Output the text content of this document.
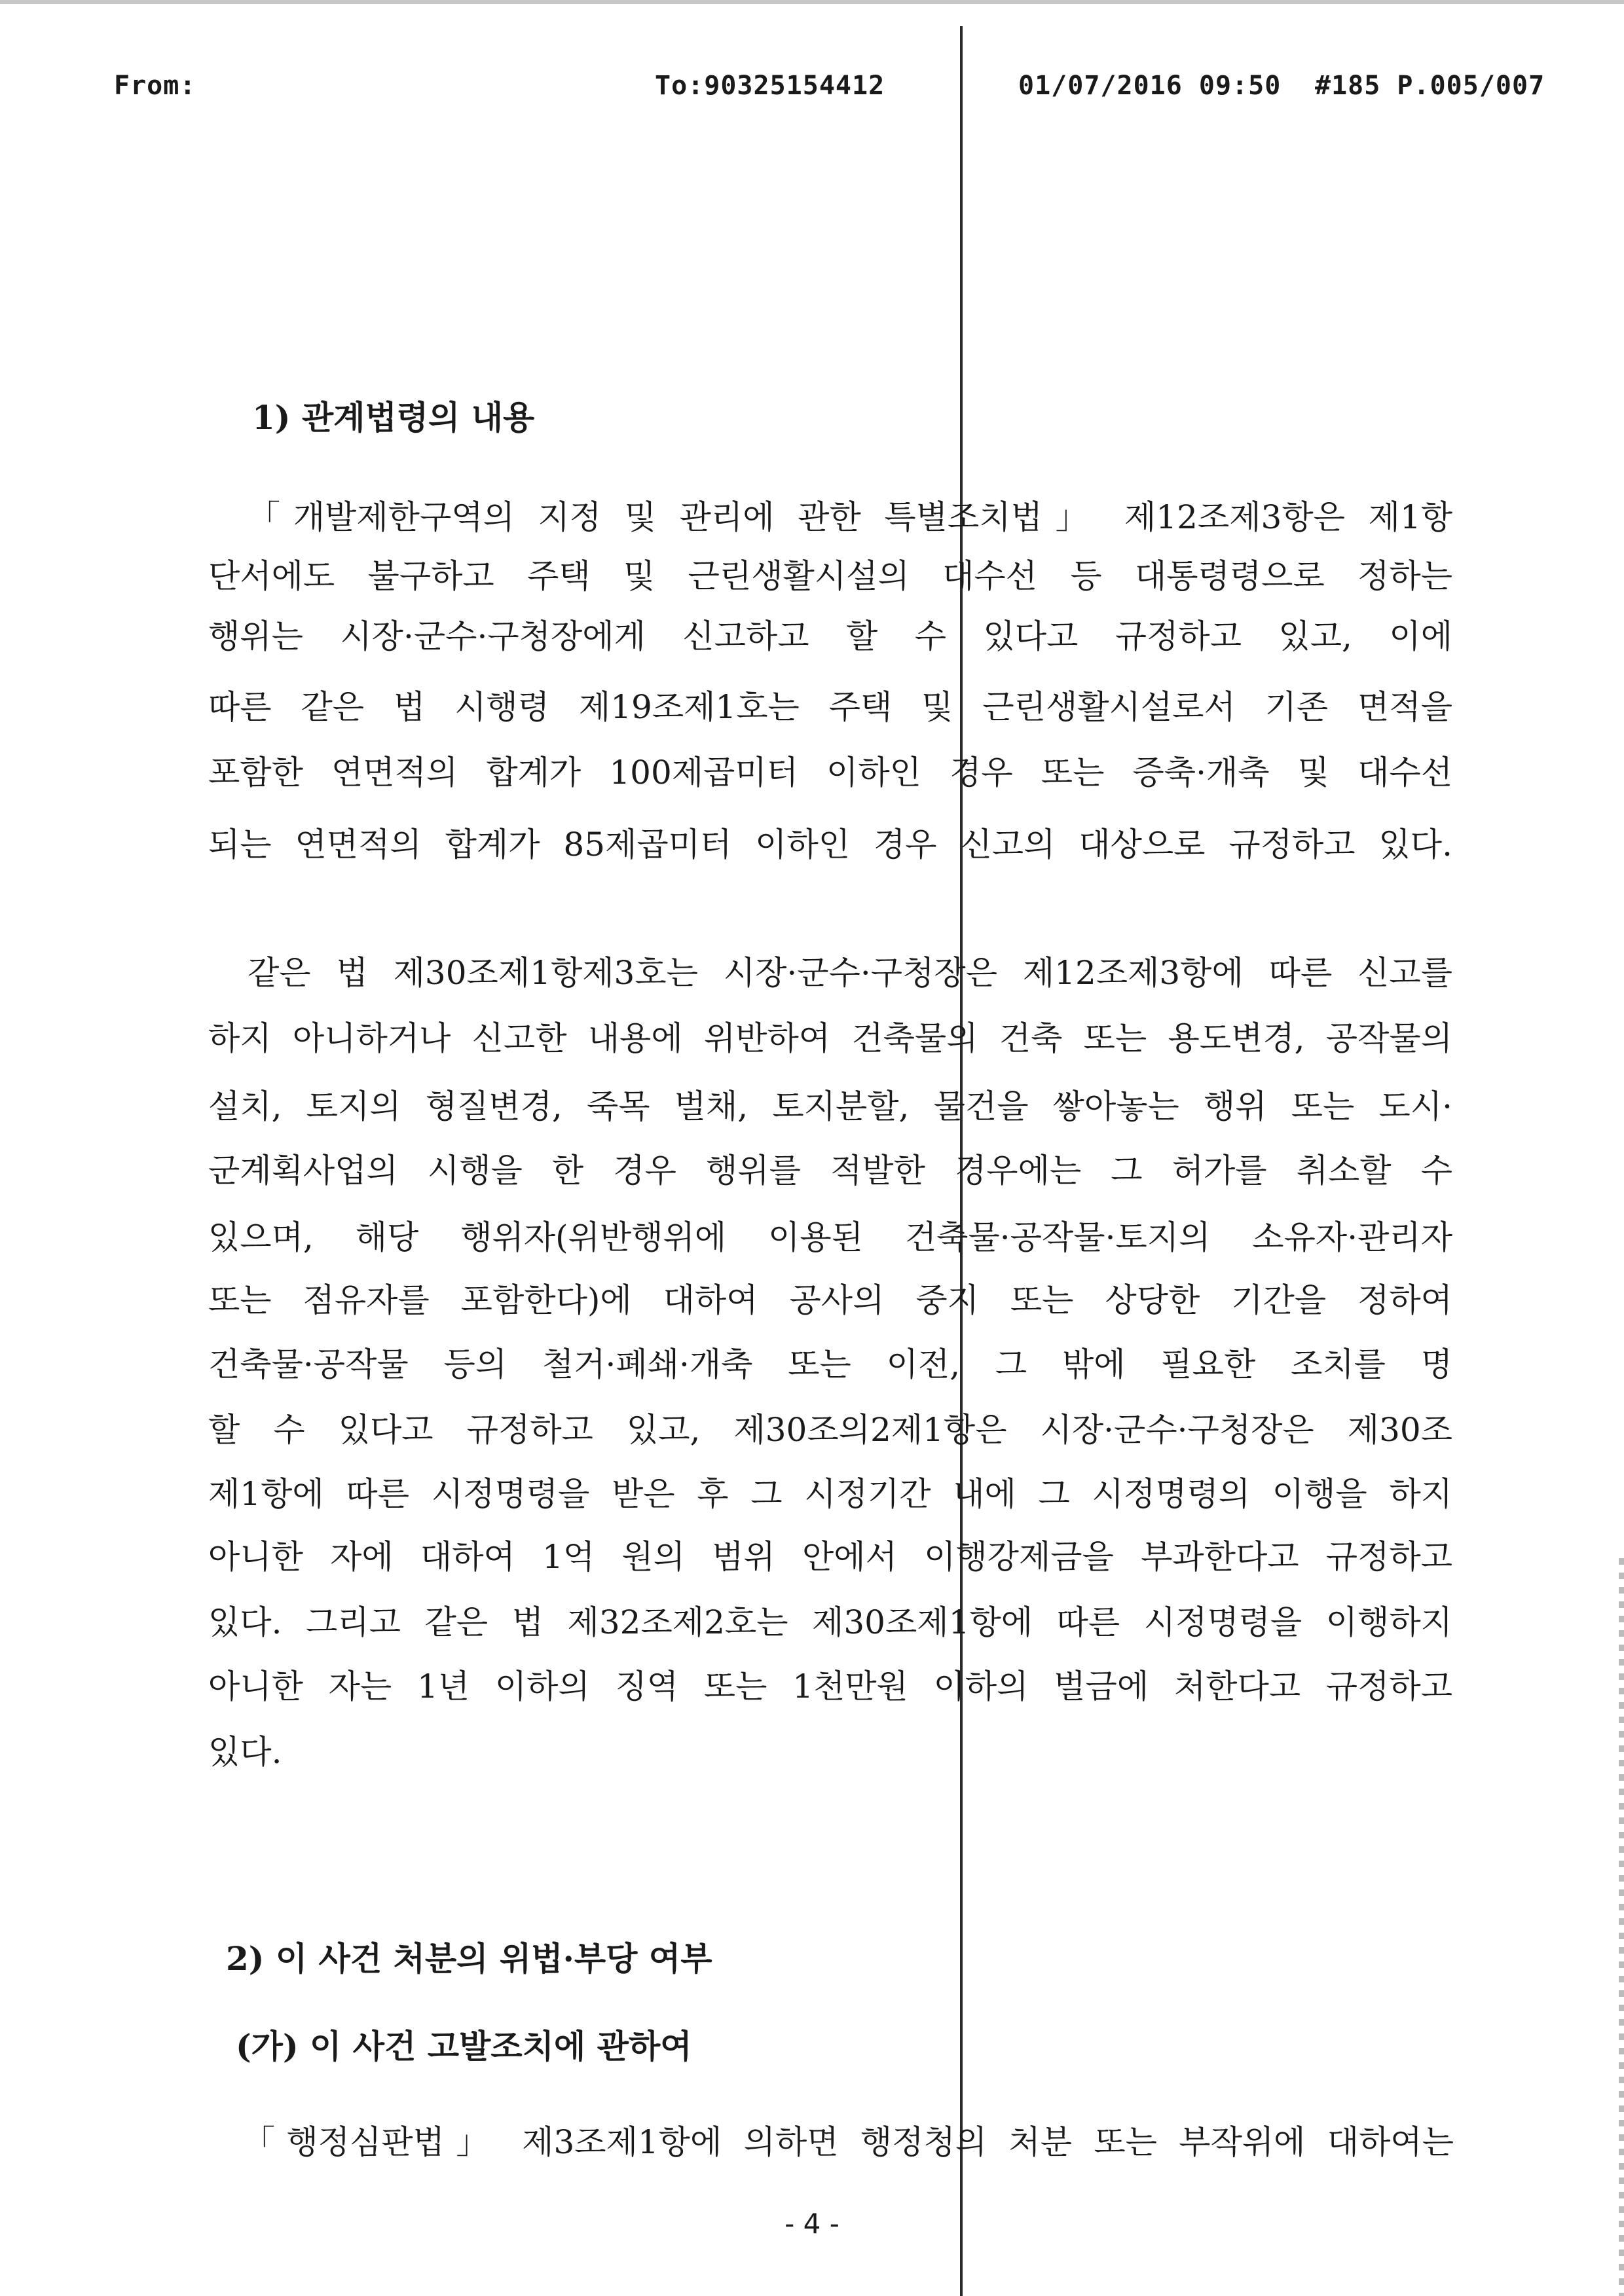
From:	To:90325154412	01/07/2016 09:50 #185 P.005/007
1) 관계법령의 내용
「개발제한구역의 지정 및 관리에 관한 특별조치법」 제12조제3항은 제1항
단서에도 불구하고 주택 및 근린생활시설의 대수선 등 대통령령으로 정하는
행위는 시장·군수·구청장에게 신고하고 할 수 있다고 규정하고 있고, 이에
따른 같은 법 시행령 제19조제1호는 주택 및 근린생활시설로서 기존 면적을
포함한 연면적의 합계가 100제곱미터 이하인 경우 또는 증축·개축 및 대수선
되는 연면적의 합계가 85제곱미터 이하인 경우 신고의 대상으로 규정하고 있다.
같은 법 제30조제1항제3호는 시장·군수·구청장은 제12조제3항에 따른 신고를
하지 아니하거나 신고한 내용에 위반하여 건축물의 건축 또는 용도변경, 공작물의
설치, 토지의 형질변경, 죽목 벌채, 토지분할, 물건을 쌓아놓는 행위 또는 도시·
군계획사업의 시행을 한 경우 행위를 적발한 경우에는 그 허가를 취소할 수
있으며, 해당 행위자(위반행위에 이용된 건축물·공작물·토지의 소유자·관리자
또는 점유자를 포함한다)에 대하여 공사의 중지 또는 상당한 기간을 정하여
건축물·공작물 등의 철거·폐쇄·개축 또는 이전, 그 밖에 필요한 조치를 명
할 수 있다고 규정하고 있고, 제30조의2제1항은 시장·군수·구청장은 제30조
제1항에 따른 시정명령을 받은 후 그 시정기간 내에 그 시정명령의 이행을 하지
아니한 자에 대하여 1억 원의 범위 안에서 이행강제금을 부과한다고 규정하고
있다. 그리고 같은 법 제32조제2호는 제30조제1항에 따른 시정명령을 이행하지
아니한 자는 1년 이하의 징역 또는 1천만원 이하의 벌금에 처한다고 규정하고
있다.
2) 이 사건 처분의 위법·부당 여부
(가) 이 사건 고발조치에 관하여
「행정심판법」 제3조제1항에 의하면 행정청의 처분 또는 부작위에 대하여는
- 4 -
